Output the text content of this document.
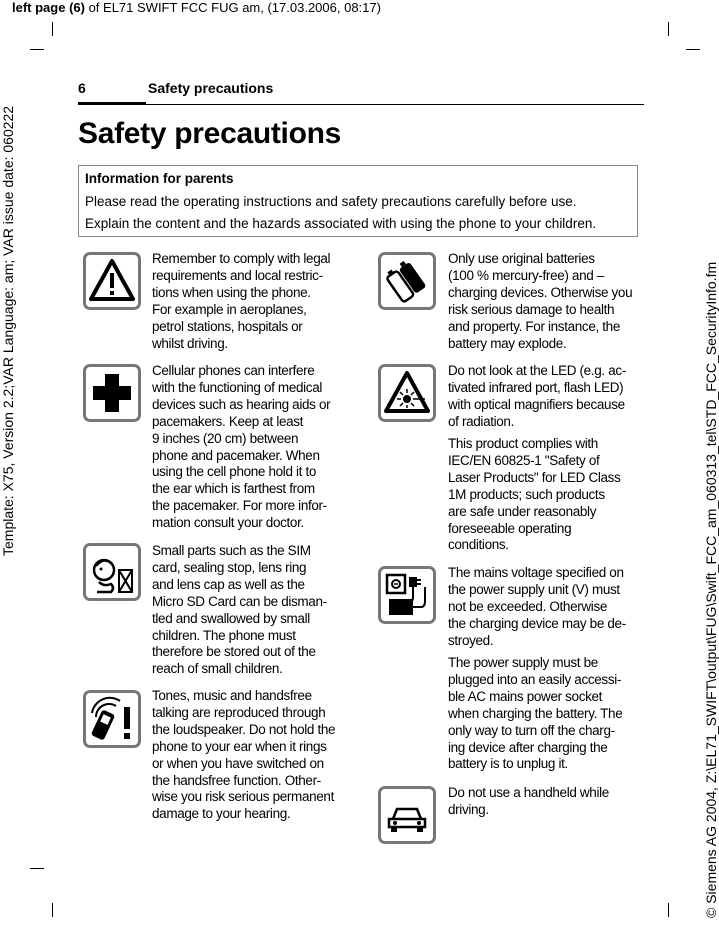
left page (6) of EL71 SWIFT FCC FUG am, (17.03.2006, 08:17)
Template: X75, Version 2.2;VAR Language: am; VAR issue date: 060222	© Siemens AG 2004, Z:\EL71_SWIFT\output\FUG\Swift_FCC_am_060313_tel\STD_FCC_SecurityInfo.fm
6	Safety precautions
Safety precautions
Information for parents
Please read the operating instructions and safety precautions carefully before use.
Explain the content and the hazards associated with using the phone to your children.
Remember to comply with legal
requirements and local restric-
tions when using the phone.
For example in aeroplanes,
petrol stations, hospitals or
whilst driving.
Cellular phones can interfere
with the functioning of medical
devices such as hearing aids or
pacemakers. Keep at least
9 inches (20 cm) between
phone and pacemaker. When
using the cell phone hold it to
the ear which is farthest from
the pacemaker. For more infor-
mation consult your doctor.
Small parts such as the SIM
card, sealing stop, lens ring
and lens cap as well as the
Micro SD Card can be disman-
tled and swallowed by small
children. The phone must
therefore be stored out of the
reach of small children.
Tones, music and handsfree
talking are reproduced through
the loudspeaker. Do not hold the
phone to your ear when it rings
or when you have switched on
the handsfree function. Other-
wise you risk serious permanent
damage to your hearing.
Only use original batteries
(100 % mercury-free) and –
charging devices. Otherwise you
risk serious damage to health
and property. For instance, the
battery may explode.
Do not look at the LED (e.g. ac-
tivated infrared port, flash LED)
with optical magnifiers because
of radiation.
This product complies with
IEC/EN 60825-1 "Safety of
Laser Products" for LED Class
1M products; such products
are safe under reasonably
foreseeable operating
conditions.
The mains voltage specified on
the power supply unit (V) must
not be exceeded. Otherwise
the charging device may be de-
stroyed.
The power supply must be
plugged into an easily accessi-
ble AC mains power socket
when charging the battery. The
only way to turn off the charg-
ing device after charging the
battery is to unplug it.
Do not use a handheld while
driving.
